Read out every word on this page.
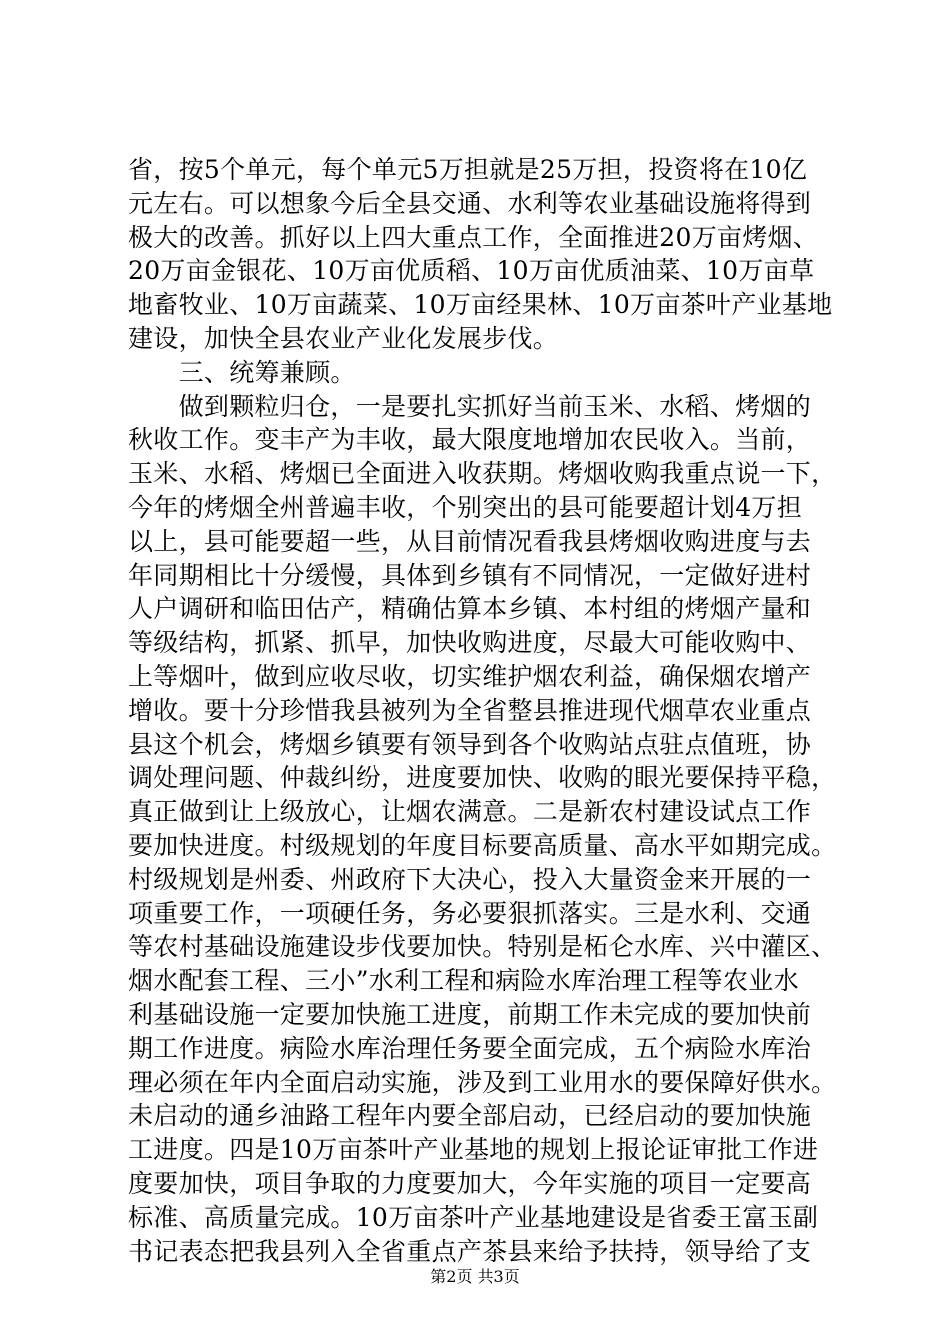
省，按5个单元，每个单元5万担就是25万担，投资将在10亿
元左右。可以想象今后全县交通、水利等农业基础设施将得到
极大的改善。抓好以上四大重点工作，全面推进20万亩烤烟、
20万亩金银花、10万亩优质稻、10万亩优质油菜、10万亩草
地畜牧业、10万亩蔬菜、10万亩经果林、10万亩茶叶产业基地
建设，加快全县农业产业化发展步伐。
　　三、统筹兼顾。
　　做到颗粒归仓，一是要扎实抓好当前玉米、水稻、烤烟的
秋收工作。变丰产为丰收，最大限度地增加农民收入。当前，
玉米、水稻、烤烟已全面进入收获期。烤烟收购我重点说一下，
今年的烤烟全州普遍丰收，个别突出的县可能要超计划4万担
以上，县可能要超一些，从目前情况看我县烤烟收购进度与去
年同期相比十分缓慢，具体到乡镇有不同情况，一定做好进村
人户调研和临田估产，精确估算本乡镇、本村组的烤烟产量和
等级结构，抓紧、抓早，加快收购进度，尽最大可能收购中、
上等烟叶，做到应收尽收，切实维护烟农利益，确保烟农增产
增收。要十分珍惜我县被列为全省整县推进现代烟草农业重点
县这个机会，烤烟乡镇要有领导到各个收购站点驻点值班，协
调处理问题、仲裁纠纷，进度要加快、收购的眼光要保持平稳，
真正做到让上级放心，让烟农满意。二是新农村建设试点工作
要加快进度。村级规划的年度目标要高质量、高水平如期完成。
村级规划是州委、州政府下大决心，投入大量资金来开展的一
项重要工作，一项硬任务，务必要狠抓落实。三是水利、交通
等农村基础设施建设步伐要加快。特别是柘仑水库、兴中灌区、
烟水配套工程、三小”水利工程和病险水库治理工程等农业水
利基础设施一定要加快施工进度，前期工作未完成的要加快前
期工作进度。病险水库治理任务要全面完成，五个病险水库治
理必须在年内全面启动实施，涉及到工业用水的要保障好供水。
未启动的通乡油路工程年内要全部启动，已经启动的要加快施
工进度。四是10万亩茶叶产业基地的规划上报论证审批工作进
度要加快，项目争取的力度要加大，今年实施的项目一定要高
标准、高质量完成。10万亩茶叶产业基地建设是省委王富玉副
书记表态把我县列入全省重点产茶县来给予扶持，领导给了支
第2页 共3页
